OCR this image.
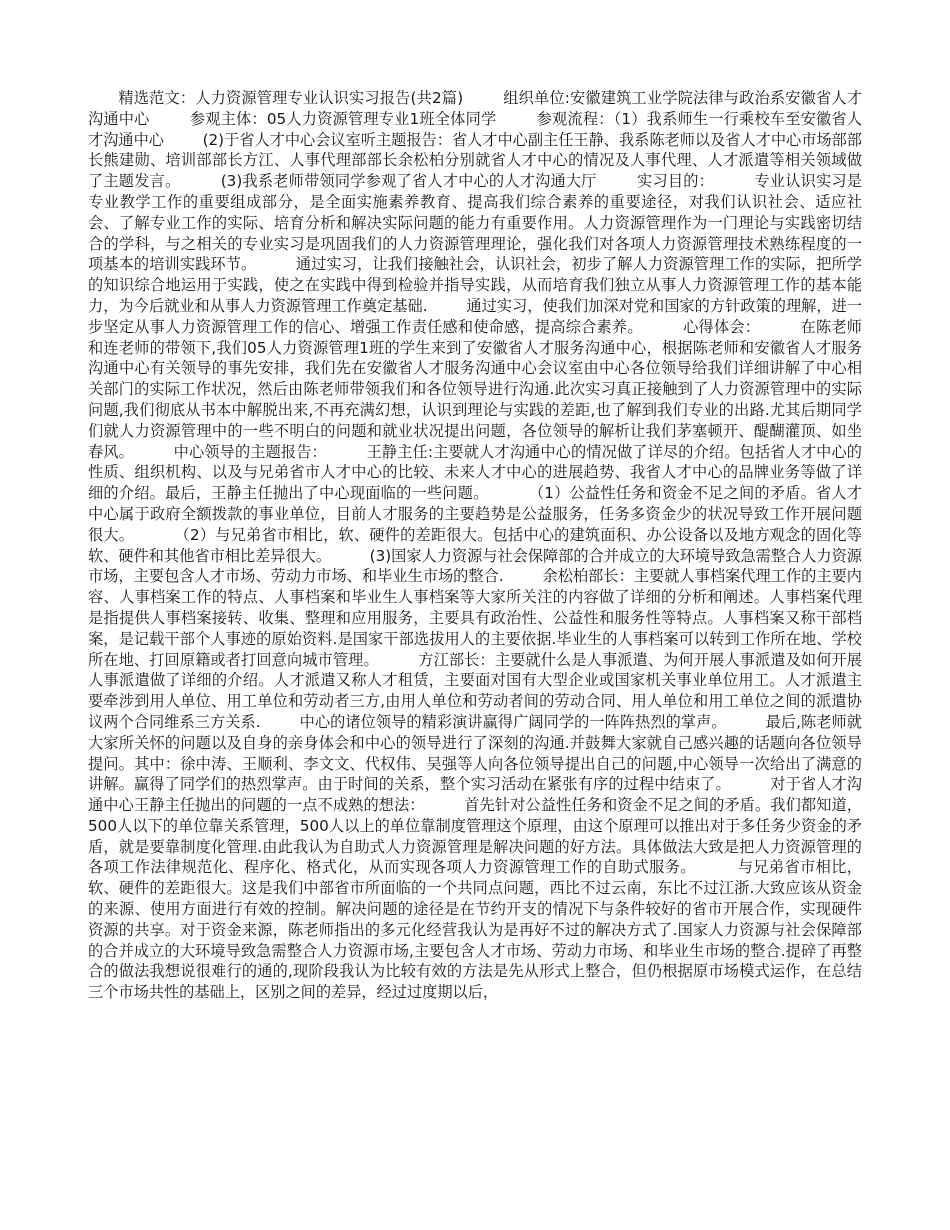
精选范文：人力资源管理专业认识实习报告(共2篇)        组织单位:安徽建筑工业学院法律与政治系安徽省人才沟通中心        参观主体：05人力资源管理专业1班全体同学        参观流程：（1）我系师生一行乘校车至安徽省人才沟通中心        (2)于省人才中心会议室听主题报告：省人才中心副主任王静、我系陈老师以及省人才中心市场部部长熊建勋、培训部部长方江、人事代理部部长余松柏分别就省人才中心的情况及人事代理、人才派遣等相关领域做了主题发言。        (3)我系老师带领同学参观了省人才中心的人才沟通大厅        实习目的：        专业认识实习是专业教学工作的重要组成部分，是全面实施素养教育、提高我们综合素养的重要途径，对我们认识社会、适应社会、了解专业工作的实际、培育分析和解决实际问题的能力有重要作用。人力资源管理作为一门理论与实践密切结合的学科，与之相关的专业实习是巩固我们的人力资源管理理论，强化我们对各项人力资源管理技术熟练程度的一项基本的培训实践环节。        通过实习，让我们接触社会，认识社会，初步了解人力资源管理工作的实际，把所学的知识综合地运用于实践，使之在实践中得到检验并指导实践，从而培育我们独立从事人力资源管理工作的基本能力，为今后就业和从事人力资源管理工作奠定基础.        通过实习，使我们加深对党和国家的方针政策的理解，进一步坚定从事人力资源管理工作的信心、增强工作责任感和使命感，提高综合素养。        心得体会：        在陈老师和连老师的带领下,我们05人力资源管理1班的学生来到了安徽省人才服务沟通中心，根据陈老师和安徽省人才服务沟通中心有关领导的事先安排，我们先在安徽省人才服务沟通中心会议室由中心各位领导给我们详细讲解了中心相关部门的实际工作状况，然后由陈老师带领我们和各位领导进行沟通.此次实习真正接触到了人力资源管理中的实际问题,我们彻底从书本中解脱出来,不再充满幻想，认识到理论与实践的差距,也了解到我们专业的出路.尤其后期同学们就人力资源管理中的一些不明白的问题和就业状况提出问题，各位领导的解析让我们茅塞顿开、醍醐灌顶、如坐春风。        中心领导的主题报告：        王静主任:主要就人才沟通中心的情况做了详尽的介绍。包括省人才中心的性质、组织机构、以及与兄弟省市人才中心的比较、未来人才中心的进展趋势、我省人才中心的品牌业务等做了详细的介绍。最后，王静主任抛出了中心现面临的一些问题。        （1）公益性任务和资金不足之间的矛盾。省人才中心属于政府全额拨款的事业单位，目前人才服务的主要趋势是公益服务，任务多资金少的状况导致工作开展问题很大。        （2）与兄弟省市相比，软、硬件的差距很大。包括中心的建筑面积、办公设备以及地方观念的固化等软、硬件和其他省市相比差异很大。        (3)国家人力资源与社会保障部的合并成立的大环境导致急需整合人力资源市场，主要包含人才市场、劳动力市场、和毕业生市场的整合.        余松柏部长：主要就人事档案代理工作的主要内容、人事档案工作的特点、人事档案和毕业生人事档案等大家所关注的内容做了详细的分析和阐述。人事档案代理是指提供人事档案接转、收集、整理和应用服务，主要具有政治性、公益性和服务性等特点。人事档案又称干部档案，是记载干部个人事迹的原始资料.是国家干部选拔用人的主要依据.毕业生的人事档案可以转到工作所在地、学校所在地、打回原籍或者打回意向城市管理。        方江部长：主要就什么是人事派遣、为何开展人事派遣及如何开展人事派遣做了详细的介绍。人才派遣又称人才租赁，主要面对国有大型企业或国家机关事业单位用工。人才派遣主要牵涉到用人单位、用工单位和劳动者三方,由用人单位和劳动者间的劳动合同、用人单位和用工单位之间的派遣协议两个合同维系三方关系.        中心的诸位领导的精彩演讲赢得广阔同学的一阵阵热烈的掌声。        最后,陈老师就大家所关怀的问题以及自身的亲身体会和中心的领导进行了深刻的沟通.并鼓舞大家就自己感兴趣的话题向各位领导提问。其中：徐中涛、王顺利、李文文、代权伟、吴强等人向各位领导提出自己的问题,中心领导一次给出了满意的讲解。赢得了同学们的热烈掌声。由于时间的关系，整个实习活动在紧张有序的过程中结束了。        对于省人才沟通中心王静主任抛出的问题的一点不成熟的想法：        首先针对公益性任务和资金不足之间的矛盾。我们都知道，500人以下的单位靠关系管理，500人以上的单位靠制度管理这个原理，由这个原理可以推出对于多任务少资金的矛盾，就是要靠制度化管理.由此我认为自助式人力资源管理是解决问题的好方法。具体做法大致是把人力资源管理的各项工作法律规范化、程序化、格式化，从而实现各项人力资源管理工作的自助式服务。        与兄弟省市相比，软、硬件的差距很大。这是我们中部省市所面临的一个共同点问题，西比不过云南，东比不过江浙.大致应该从资金的来源、使用方面进行有效的控制。解决问题的途径是在节约开支的情况下与条件较好的省市开展合作，实现硬件资源的共享。对于资金来源，陈老师指出的多元化经营我认为是再好不过的解决方式了.国家人力资源与社会保障部的合并成立的大环境导致急需整合人力资源市场,主要包含人才市场、劳动力市场、和毕业生市场的整合.提碎了再整合的做法我想说很难行的通的,现阶段我认为比较有效的方法是先从形式上整合，但仍根据原市场模式运作，在总结三个市场共性的基础上，区别之间的差异，经过过度期以后，
